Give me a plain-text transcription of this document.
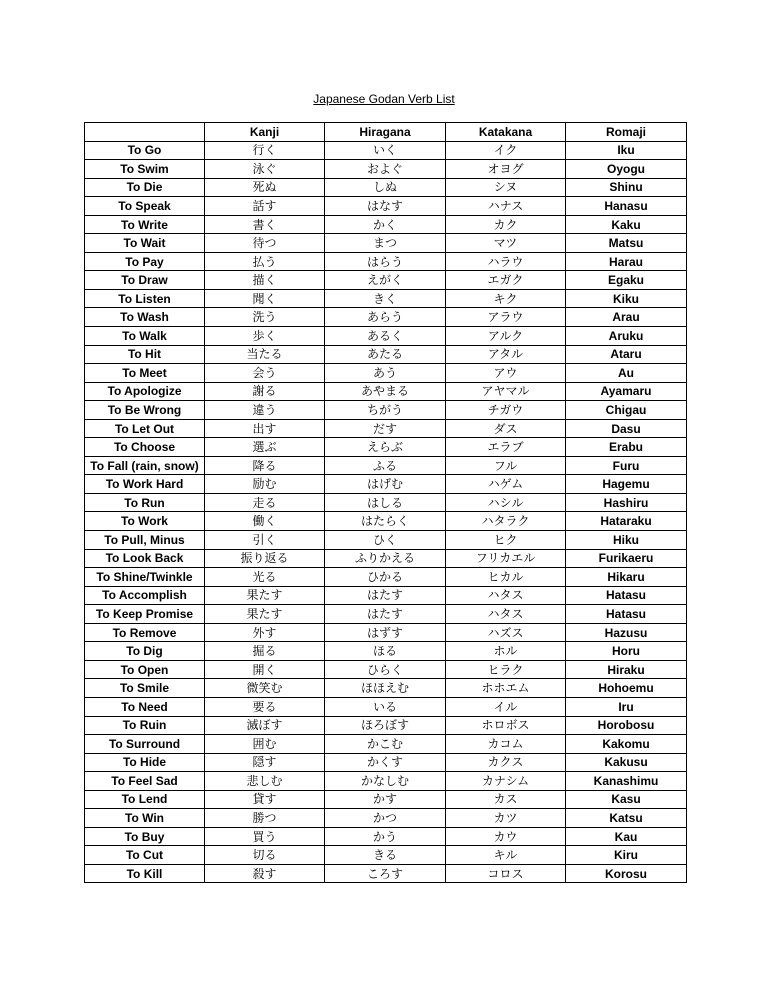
Japanese Godan Verb List
	Kanji	Hiragana	Katakana	Romaji
To Go	行く	いく	イク	Iku
To Swim	泳ぐ	およぐ	オヨグ	Oyogu
To Die	死ぬ	しぬ	シヌ	Shinu
To Speak	話す	はなす	ハナス	Hanasu
To Write	書く	かく	カク	Kaku
To Wait	待つ	まつ	マツ	Matsu
To Pay	払う	はらう	ハラウ	Harau
To Draw	描く	えがく	エガク	Egaku
To Listen	聞く	きく	キク	Kiku
To Wash	洗う	あらう	アラウ	Arau
To Walk	歩く	あるく	アルク	Aruku
To Hit	当たる	あたる	アタル	Ataru
To Meet	会う	あう	アウ	Au
To Apologize	謝る	あやまる	アヤマル	Ayamaru
To Be Wrong	違う	ちがう	チガウ	Chigau
To Let Out	出す	だす	ダス	Dasu
To Choose	選ぶ	えらぶ	エラブ	Erabu
To Fall (rain, snow)	降る	ふる	フル	Furu
To Work Hard	励む	はげむ	ハゲム	Hagemu
To Run	走る	はしる	ハシル	Hashiru
To Work	働く	はたらく	ハタラク	Hataraku
To Pull, Minus	引く	ひく	ヒク	Hiku
To Look Back	振り返る	ふりかえる	フリカエル	Furikaeru
To Shine/Twinkle	光る	ひかる	ヒカル	Hikaru
To Accomplish	果たす	はたす	ハタス	Hatasu
To Keep Promise	果たす	はたす	ハタス	Hatasu
To Remove	外す	はずす	ハズス	Hazusu
To Dig	掘る	ほる	ホル	Horu
To Open	開く	ひらく	ヒラク	Hiraku
To Smile	微笑む	ほほえむ	ホホエム	Hohoemu
To Need	要る	いる	イル	Iru
To Ruin	滅ぼす	ほろぼす	ホロボス	Horobosu
To Surround	囲む	かこむ	カコム	Kakomu
To Hide	隠す	かくす	カクス	Kakusu
To Feel Sad	悲しむ	かなしむ	カナシム	Kanashimu
To Lend	貸す	かす	カス	Kasu
To Win	勝つ	かつ	カツ	Katsu
To Buy	買う	かう	カウ	Kau
To Cut	切る	きる	キル	Kiru
To Kill	殺す	ころす	コロス	Korosu
